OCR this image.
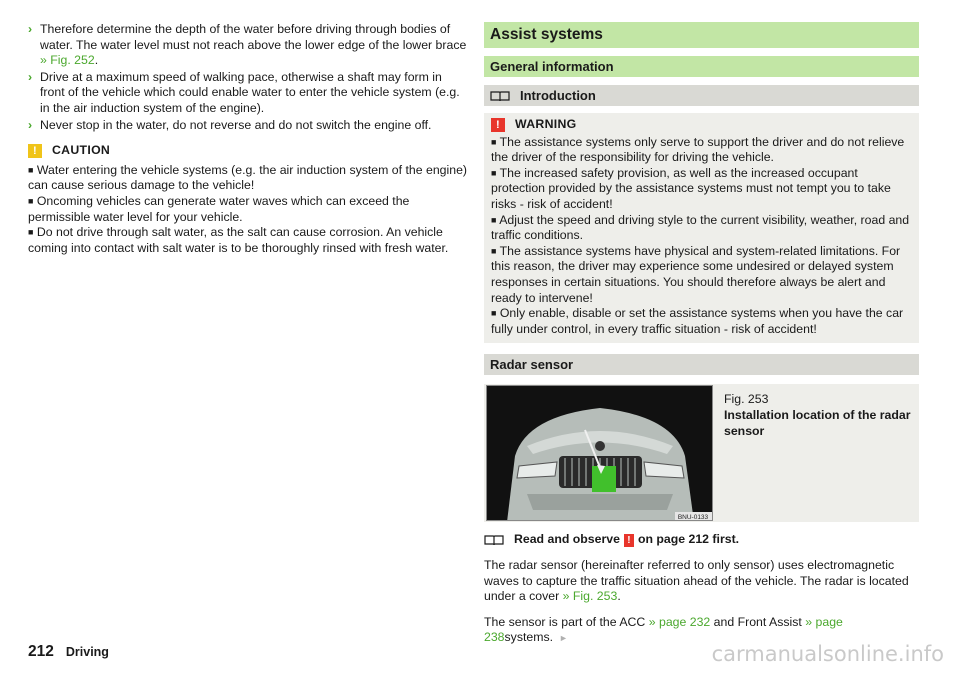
› Therefore determine the depth of the water before driving through bodies of water. The water level must not reach above the lower edge of the lower brace » Fig. 252.
› Drive at a maximum speed of walking pace, otherwise a shaft may form in front of the vehicle which could enable water to enter the vehicle system (e.g. in the air induction system of the engine).
› Never stop in the water, do not reverse and do not switch the engine off.
!	CAUTION
■ Water entering the vehicle systems (e.g. the air induction system of the engine) can cause serious damage to the vehicle!
■ Oncoming vehicles can generate water waves which can exceed the permissible water level for your vehicle.
■ Do not drive through salt water, as the salt can cause corrosion. An vehicle coming into contact with salt water is to be thoroughly rinsed with fresh water.
Assist systems
General information
Introduction
!	WARNING
■ The assistance systems only serve to support the driver and do not relieve the driver of the responsibility for driving the vehicle.
■ The increased safety provision, as well as the increased occupant protection provided by the assistance systems must not tempt you to take risks - risk of accident!
■ Adjust the speed and driving style to the current visibility, weather, road and traffic conditions.
■ The assistance systems have physical and system-related limitations. For this reason, the driver may experience some undesired or delayed system responses in certain situations. You should therefore always be alert and ready to intervene!
■ Only enable, disable or set the assistance systems when you have the car fully under control, in every traffic situation - risk of accident!
Radar sensor
BNU-0133
Fig. 253
Installation location of the radar sensor
Read and observe ! on page 212 first.
The radar sensor (hereinafter referred to only sensor) uses electromagnetic waves to capture the traffic situation ahead of the vehicle. The radar is located under a cover » Fig. 253.
The sensor is part of the ACC » page 232 and Front Assist » page 238systems. ►
212 Driving	carmanualsonline.info
